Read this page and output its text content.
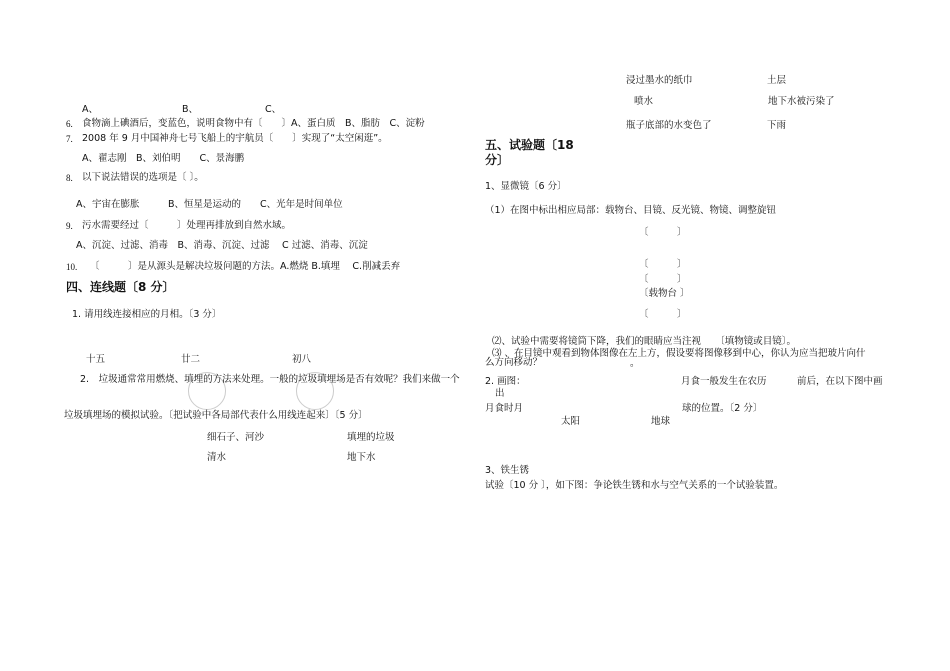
A、	B、	C、
6. 食物滴上碘酒后，变蓝色，说明食物中有〔　　〕A、蛋白质　B、脂肪　C、淀粉
7. 2008 年 9 月中国神舟七号飞船上的宇航员〔　　〕实现了“太空闲逛”。
A、翟志刚　B、刘伯明　　C、景海鹏
8. 以下说法错误的选项是〔 〕。
A、宇宙在膨胀　　　B、恒星是运动的　　C、光年是时间单位
9. 污水需要经过〔　　　〕处理再排放到自然水域。
A、沉淀、过滤、消毒　B、消毒、沉淀、过滤　 C 过滤、消毒、沉淀
10. 〔　　　〕是从源头是解决垃圾问题的方法。A.燃烧 B.填埋　 C.削减丢弃
四、连线题〔8 分〕
1. 请用线连接相应的月相。〔3 分〕
十五	廿二	初八
2.　垃圾通常常用燃烧、填埋的方法来处理。一般的垃圾填埋场是否有效呢？我们来做一个
垃圾填埋场的模拟试验。〔把试验中各局部代表什么用线连起来〕〔5 分〕
细石子、河沙
清水
填埋的垃圾
地下水
浸过墨水的纸巾
喷水
瓶子底部的水变色了
土层
地下水被污染了
下雨
五、试验题〔18
分〕
1、显微镜〔6 分〕
（1）在图中标出相应局部：载物台、目镜、反光镜、物镜、调整旋钮
〔　　　〕
〔　　　〕
〔　　　〕
〔载物台 〕
〔　　　〕
⑵、试验中需要将镜筒下降，我们的眼睛应当注视　　〔填物镜或目镜〕。
⑶ 、在目镜中观看到物体图像在左上方，假设要将图像移到中心，你认为应当把玻片向什
么方向移动？	。
2. 画图：	月食一般发生在农历	前后，在以下图中画
出
月食时月	球的位置。〔2 分〕
太阳	地球
3、铁生锈
试验〔10 分 〕，如下图：争论铁生锈和水与空气关系的一个试验装置。
